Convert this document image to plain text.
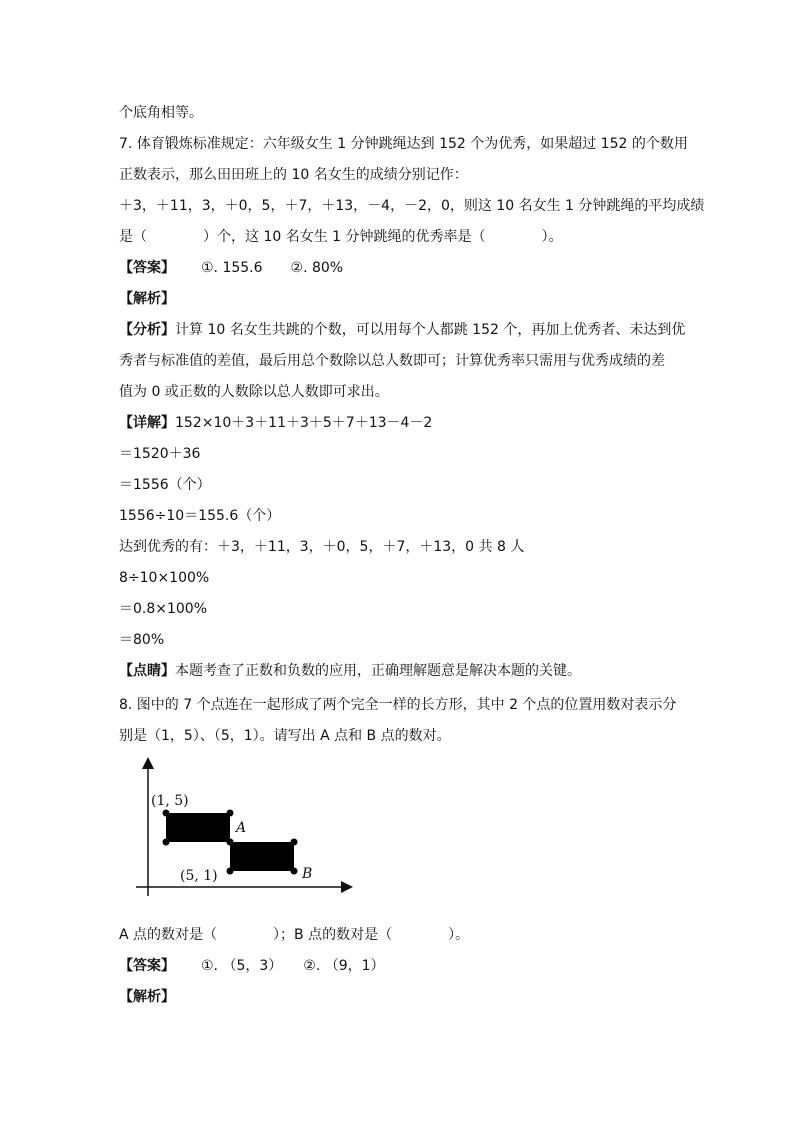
个底角相等。
7. 体育锻炼标准规定：六年级女生 1 分钟跳绳达到 152 个为优秀，如果超过 152 的个数用
正数表示，那么田田班上的 10 名女生的成绩分别记作：
＋3，＋11，3，＋0，5，＋7，＋13，－4，－2，0，则这 10 名女生 1 分钟跳绳的平均成绩
是（　　　　）个，这 10 名女生 1 分钟跳绳的优秀率是（　　　　）。
【答案】 ①. 155.6　　②. 80%
【解析】
【分析】计算 10 名女生共跳的个数，可以用每个人都跳 152 个，再加上优秀者、未达到优
秀者与标准值的差值，最后用总个数除以总人数即可；计算优秀率只需用与优秀成绩的差
值为 0 或正数的人数除以总人数即可求出。
【详解】152×10＋3＋11＋3＋5＋7＋13－4－2
＝1520＋36
＝1556（个）
1556÷10＝155.6（个）
达到优秀的有：＋3，＋11，3，＋0，5，＋7，＋13，0 共 8 人
8÷10×100%
＝0.8×100%
＝80%
【点睛】本题考查了正数和负数的应用，正确理解题意是解决本题的关键。
8. 图中的 7 个点连在一起形成了两个完全一样的长方形，其中 2 个点的位置用数对表示分
别是（1，5）、（5，1）。请写出 A 点和 B 点的数对。
(1, 5)
(5, 1)
A
B
A 点的数对是（　　　　）；B 点的数对是（　　　　）。
【答案】 ①. （5，3）　　②. （9，1）
【解析】
